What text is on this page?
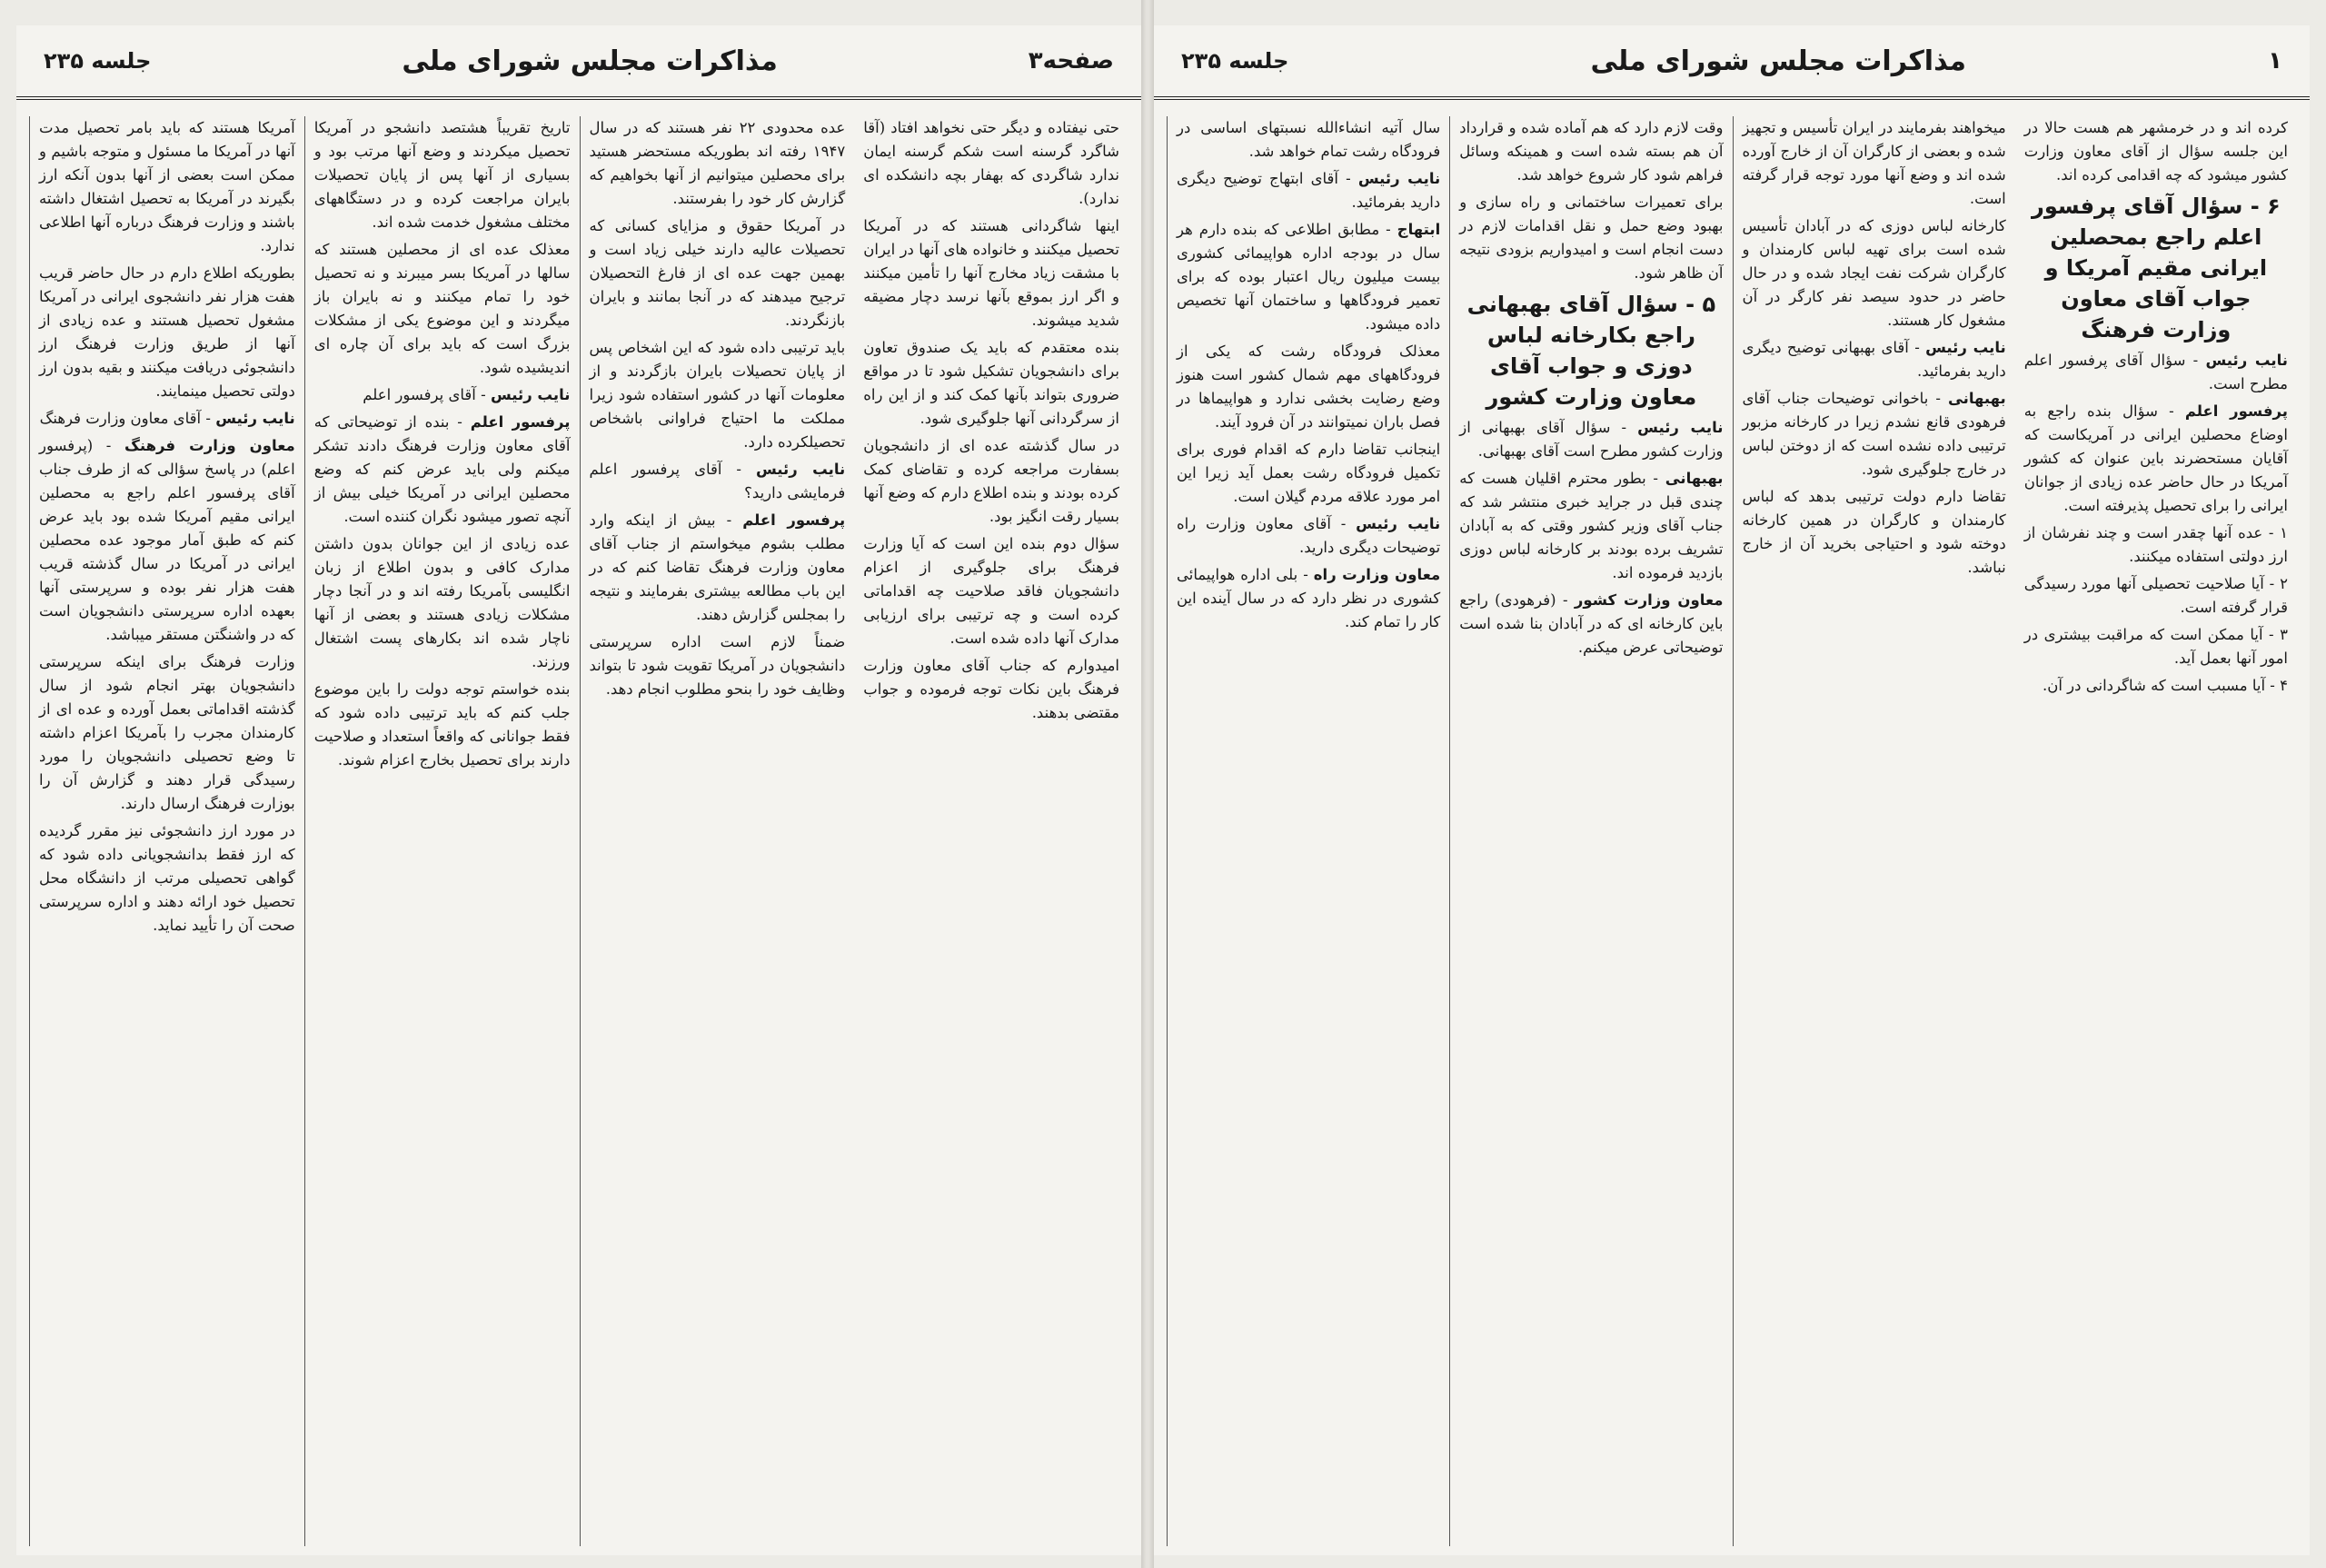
صفحه۳
مذاکرات مجلس شورای ملی
جلسه ۲۳۵

آمریکا هستند که باید بامر تحصیل مدت آنها در آمریکا ما مسئول و متوجه باشیم و ممکن است بعضی از آنها بدون آنکه ارز بگیرند در آمریکا به تحصیل اشتغال داشته باشند و وزارت فرهنگ درباره آنها اطلاعی ندارد.

بطوریکه اطلاع دارم در حال حاضر قریب هفت هزار نفر دانشجوی ایرانی در آمریکا مشغول تحصیل هستند و عده زیادی از آنها از طریق وزارت فرهنگ ارز دانشجوئی دریافت میکنند و بقیه بدون ارز دولتی تحصیل مینمایند.

نایب رئیس - آقای معاون وزارت فرهنگ

معاون وزارت فرهنگ - (پرفسور اعلم) در پاسخ سؤالی که از طرف جناب آقای پرفسور اعلم راجع به محصلین ایرانی مقیم آمریکا شده بود باید عرض کنم که طبق آمار موجود عده محصلین ایرانی در آمریکا در سال گذشته قریب هفت هزار نفر بوده و سرپرستی آنها بعهده اداره سرپرستی دانشجویان است که در واشنگتن مستقر میباشد.

وزارت فرهنگ برای اینکه سرپرستی دانشجویان بهتر انجام شود از سال گذشته اقداماتی بعمل آورده و عده ای از کارمندان مجرب را بآمریکا اعزام داشته تا وضع تحصیلی دانشجویان را مورد رسیدگی قرار دهند و گزارش آن را بوزارت فرهنگ ارسال دارند.

در مورد ارز دانشجوئی نیز مقرر گردیده که ارز فقط بدانشجویانی داده شود که گواهی تحصیلی مرتب از دانشگاه محل تحصیل خود ارائه دهند و اداره سرپرستی صحت آن را تأیید نماید.

تاریخ تقریباً هشتصد دانشجو در آمریکا تحصیل میکردند و وضع آنها مرتب بود و بسیاری از آنها پس از پایان تحصیلات بایران مراجعت کرده و در دستگاههای مختلف مشغول خدمت شده اند.

معذلک عده ای از محصلین هستند که سالها در آمریکا بسر میبرند و نه تحصیل خود را تمام میکنند و نه بایران باز میگردند و این موضوع یکی از مشکلات بزرگ است که باید برای آن چاره ای اندیشیده شود.

نایب رئیس - آقای پرفسور اعلم

پرفسور اعلم - بنده از توضیحاتی که آقای معاون وزارت فرهنگ دادند تشکر میکنم ولی باید عرض کنم که وضع محصلین ایرانی در آمریکا خیلی بیش از آنچه تصور میشود نگران کننده است.

عده زیادی از این جوانان بدون داشتن مدارک کافی و بدون اطلاع از زبان انگلیسی بآمریکا رفته اند و در آنجا دچار مشکلات زیادی هستند و بعضی از آنها ناچار شده اند بکارهای پست اشتغال ورزند.

بنده خواستم توجه دولت را باین موضوع جلب کنم که باید ترتیبی داده شود که فقط جوانانی که واقعاً استعداد و صلاحیت دارند برای تحصیل بخارج اعزام شوند.

عده محدودی ۲۲ نفر هستند که در سال ۱۹۴۷ رفته اند بطوریکه مستحضر هستید برای محصلین میتوانیم از آنها بخواهیم که گزارش کار خود را بفرستند.

در آمریکا حقوق و مزایای کسانی که تحصیلات عالیه دارند خیلی زیاد است و بهمین جهت عده ای از فارغ التحصیلان ترجیح میدهند که در آنجا بمانند و بایران بازنگردند.

باید ترتیبی داده شود که این اشخاص پس از پایان تحصیلات بایران بازگردند و از معلومات آنها در کشور استفاده شود زیرا مملکت ما احتیاج فراوانی باشخاص تحصیلکرده دارد.

نایب رئیس - آقای پرفسور اعلم فرمایشی دارید؟

پرفسور اعلم - بیش از اینکه وارد مطلب بشوم میخواستم از جناب آقای معاون وزارت فرهنگ تقاضا کنم که در این باب مطالعه بیشتری بفرمایند و نتیجه را بمجلس گزارش دهند.

ضمناً لازم است اداره سرپرستی دانشجویان در آمریکا تقویت شود تا بتواند وظایف خود را بنحو مطلوب انجام دهد.

حتی نیفتاده و دیگر حتی نخواهد افتاد (آقا شاگرد گرسنه است شکم گرسنه ایمان ندارد شاگردی که بهفار بچه دانشکده ای ندارد).

اینها شاگردانی هستند که در آمریکا تحصیل میکنند و خانواده های آنها در ایران با مشقت زیاد مخارج آنها را تأمین میکنند و اگر ارز بموقع بآنها نرسد دچار مضیقه شدید میشوند.

بنده معتقدم که باید یک صندوق تعاون برای دانشجویان تشکیل شود تا در مواقع ضروری بتواند بآنها کمک کند و از این راه از سرگردانی آنها جلوگیری شود.

در سال گذشته عده ای از دانشجویان بسفارت مراجعه کرده و تقاضای کمک کرده بودند و بنده اطلاع دارم که وضع آنها بسیار رقت انگیز بود.

سؤال دوم بنده این است که آیا وزارت فرهنگ برای جلوگیری از اعزام دانشجویان فاقد صلاحیت چه اقداماتی کرده است و چه ترتیبی برای ارزیابی مدارک آنها داده شده است.

امیدوارم که جناب آقای معاون وزارت فرهنگ باین نکات توجه فرموده و جواب مقتضی بدهند.

۱
مذاکرات مجلس شورای ملی
جلسه ۲۳۵

سال آتیه انشاءالله نسبتهای اساسی در فرودگاه رشت تمام خواهد شد.

نایب رئیس - آقای ابتهاج توضیح دیگری دارید بفرمائید.

ابتهاج - مطابق اطلاعی که بنده دارم هر سال در بودجه اداره هواپیمائی کشوری بیست میلیون ریال اعتبار بوده که برای تعمیر فرودگاهها و ساختمان آنها تخصیص داده میشود.

معذلک فرودگاه رشت که یکی از فرودگاههای مهم شمال کشور است هنوز وضع رضایت بخشی ندارد و هواپیماها در فصل باران نمیتوانند در آن فرود آیند.

اینجانب تقاضا دارم که اقدام فوری برای تکمیل فرودگاه رشت بعمل آید زیرا این امر مورد علاقه مردم گیلان است.

نایب رئیس - آقای معاون وزارت راه توضیحات دیگری دارید.

معاون وزارت راه - بلی اداره هواپیمائی کشوری در نظر دارد که در سال آینده این کار را تمام کند.

وقت لازم دارد که هم آماده شده و قرارداد آن هم بسته شده است و همینکه وسائل فراهم شود کار شروع خواهد شد.

برای تعمیرات ساختمانی و راه سازی و بهبود وضع حمل و نقل اقدامات لازم در دست انجام است و امیدواریم بزودی نتیجه آن ظاهر شود.

۵ - سؤال آقای بهبهانی راجع بکارخانه لباس دوزی و جواب آقای معاون وزارت کشور

نایب رئیس - سؤال آقای بهبهانی از وزارت کشور مطرح است آقای بهبهانی.

بهبهانی - بطور محترم اقلیان هست که چندی قبل در جراید خبری منتشر شد که جناب آقای وزیر کشور وقتی که به آبادان تشریف برده بودند بر کارخانه لباس دوزی بازدید فرموده اند.

معاون وزارت کشور - (فرهودی) راجع باین کارخانه ای که در آبادان بنا شده است توضیحاتی عرض میکنم.

میخواهند بفرمایند در ایران تأسیس و تجهیز شده و بعضی از کارگران آن از خارج آورده شده اند و وضع آنها مورد توجه قرار گرفته است.

کارخانه لباس دوزی که در آبادان تأسیس شده است برای تهیه لباس کارمندان و کارگران شرکت نفت ایجاد شده و در حال حاضر در حدود سیصد نفر کارگر در آن مشغول کار هستند.

نایب رئیس - آقای بهبهانی توضیح دیگری دارید بفرمائید.

بهبهانی - باخوانی توضیحات جناب آقای فرهودی قانع نشدم زیرا در کارخانه مزبور ترتیبی داده نشده است که از دوختن لباس در خارج جلوگیری شود.

تقاضا دارم دولت ترتیبی بدهد که لباس کارمندان و کارگران در همین کارخانه دوخته شود و احتیاجی بخرید آن از خارج نباشد.

کرده اند و در خرمشهر هم هست حالا در این جلسه سؤال از آقای معاون وزارت کشور میشود که چه اقدامی کرده اند.

۶ - سؤال آقای پرفسور اعلم راجع بمحصلین ایرانی مقیم آمریکا و جواب آقای معاون وزارت فرهنگ

نایب رئیس - سؤال آقای پرفسور اعلم مطرح است.

پرفسور اعلم - سؤال بنده راجع به اوضاع محصلین ایرانی در آمریکاست که آقایان مستحضرند باین عنوان که کشور آمریکا در حال حاضر عده زیادی از جوانان ایرانی را برای تحصیل پذیرفته است.

۱ - عده آنها چقدر است و چند نفرشان از ارز دولتی استفاده میکنند.

۲ - آیا صلاحیت تحصیلی آنها مورد رسیدگی قرار گرفته است.

۳ - آیا ممکن است که مراقبت بیشتری در امور آنها بعمل آید.

۴ - آیا مسبب است که شاگردانی در آن.
